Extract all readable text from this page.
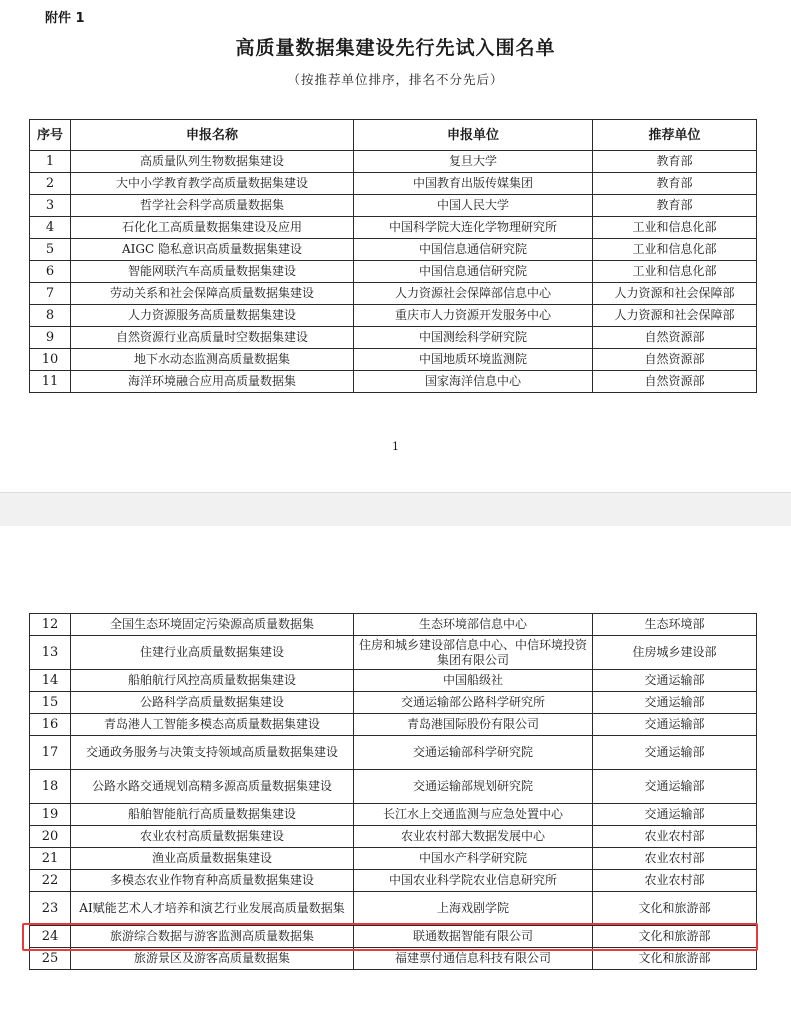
附件 1
高质量数据集建设先行先试入围名单
（按推荐单位排序，排名不分先后）
序号	申报名称	申报单位	推荐单位
1	高质量队列生物数据集建设	复旦大学	教育部
2	大中小学教育教学高质量数据集建设	中国教育出版传媒集团	教育部
3	哲学社会科学高质量数据集	中国人民大学	教育部
4	石化化工高质量数据集建设及应用	中国科学院大连化学物理研究所	工业和信息化部
5	AIGC 隐私意识高质量数据集建设	中国信息通信研究院	工业和信息化部
6	智能网联汽车高质量数据集建设	中国信息通信研究院	工业和信息化部
7	劳动关系和社会保障高质量数据集建设	人力资源社会保障部信息中心	人力资源和社会保障部
8	人力资源服务高质量数据集建设	重庆市人力资源开发服务中心	人力资源和社会保障部
9	自然资源行业高质量时空数据集建设	中国测绘科学研究院	自然资源部
10	地下水动态监测高质量数据集	中国地质环境监测院	自然资源部
11	海洋环境融合应用高质量数据集	国家海洋信息中心	自然资源部
1
12	全国生态环境固定污染源高质量数据集	生态环境部信息中心	生态环境部
13	住建行业高质量数据集建设	住房和城乡建设部信息中心、中信环境投资集团有限公司	住房城乡建设部
14	船舶航行风控高质量数据集建设	中国船级社	交通运输部
15	公路科学高质量数据集建设	交通运输部公路科学研究所	交通运输部
16	青岛港人工智能多模态高质量数据集建设	青岛港国际股份有限公司	交通运输部
17	交通政务服务与决策支持领域高质量数据集建设	交通运输部科学研究院	交通运输部
18	公路水路交通规划高精多源高质量数据集建设	交通运输部规划研究院	交通运输部
19	船舶智能航行高质量数据集建设	长江水上交通监测与应急处置中心	交通运输部
20	农业农村高质量数据集建设	农业农村部大数据发展中心	农业农村部
21	渔业高质量数据集建设	中国水产科学研究院	农业农村部
22	多模态农业作物育种高质量数据集建设	中国农业科学院农业信息研究所	农业农村部
23	AI赋能艺术人才培养和演艺行业发展高质量数据集	上海戏剧学院	文化和旅游部
24	旅游综合数据与游客监测高质量数据集	联通数据智能有限公司	文化和旅游部
25	旅游景区及游客高质量数据集	福建票付通信息科技有限公司	文化和旅游部
